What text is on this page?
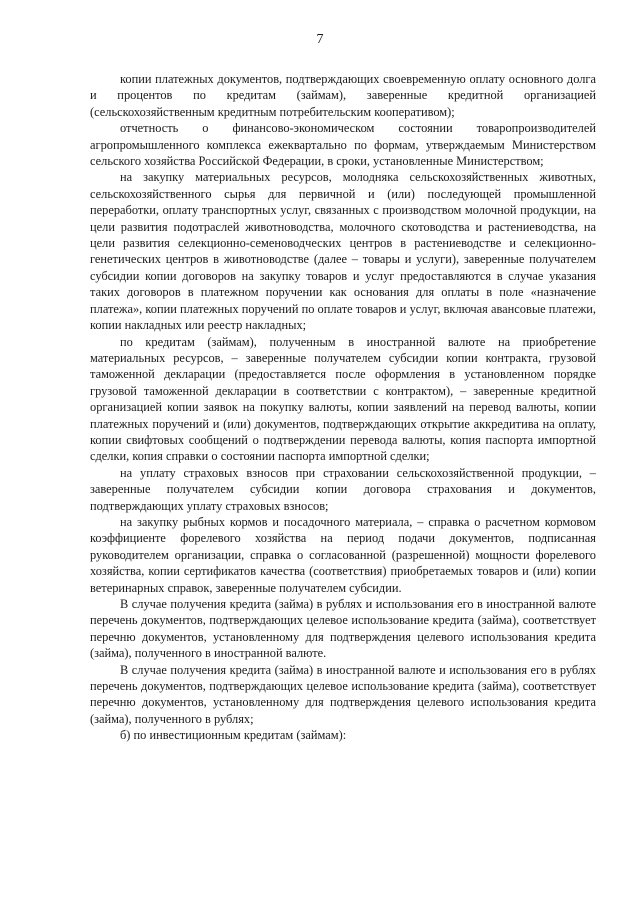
7

копии платежных документов, подтверждающих своевременную оплату основного долга и процентов по кредитам (займам), заверенные кредитной организацией (сельскохозяйственным кредитным потребительским кооперативом);

отчетность о финансово-экономическом состоянии товаропроизводителей агропромышленного комплекса ежеквартально по формам, утверждаемым Министерством сельского хозяйства Российской Федерации, в сроки, установленные Министерством;

на закупку материальных ресурсов, молодняка сельскохозяйственных животных, сельскохозяйственного сырья для первичной и (или) последующей промышленной переработки, оплату транспортных услуг, связанных с производством молочной продукции, на цели развития подотраслей животноводства, молочного скотоводства и растениеводства, на цели развития селекционно-семеноводческих центров в растениеводстве и селекционно-генетических центров в животноводстве (далее – товары и услуги), заверенные получателем субсидии копии договоров на закупку товаров и услуг предоставляются в случае указания таких договоров в платежном поручении как основания для оплаты в поле «назначение платежа», копии платежных поручений по оплате товаров и услуг, включая авансовые платежи, копии накладных или реестр накладных;

по кредитам (займам), полученным в иностранной валюте на приобретение материальных ресурсов, – заверенные получателем субсидии копии контракта, грузовой таможенной декларации (предоставляется после оформления в установленном порядке грузовой таможенной декларации в соответствии с контрактом), – заверенные кредитной организацией копии заявок на покупку валюты, копии заявлений на перевод валюты, копии платежных поручений и (или) документов, подтверждающих открытие аккредитива на оплату, копии свифтовых сообщений о подтверждении перевода валюты, копия паспорта импортной сделки, копия справки о состоянии паспорта импортной сделки;

на уплату страховых взносов при страховании сельскохозяйственной продукции, – заверенные получателем субсидии копии договора страхования и документов, подтверждающих уплату страховых взносов;

на закупку рыбных кормов и посадочного материала, – справка о расчетном кормовом коэффициенте форелевого хозяйства на период подачи документов, подписанная руководителем организации, справка о согласованной (разрешенной) мощности форелевого хозяйства, копии сертификатов качества (соответствия) приобретаемых товаров и (или) копии ветеринарных справок, заверенные получателем субсидии.

В случае получения кредита (займа) в рублях и использования его в иностранной валюте перечень документов, подтверждающих целевое использование кредита (займа), соответствует перечню документов, установленному для подтверждения целевого использования кредита (займа), полученного в иностранной валюте.

В случае получения кредита (займа) в иностранной валюте и использования его в рублях перечень документов, подтверждающих целевое использование кредита (займа), соответствует перечню документов, установленному для подтверждения целевого использования кредита (займа), полученного в рублях;

б) по инвестиционным кредитам (займам):
